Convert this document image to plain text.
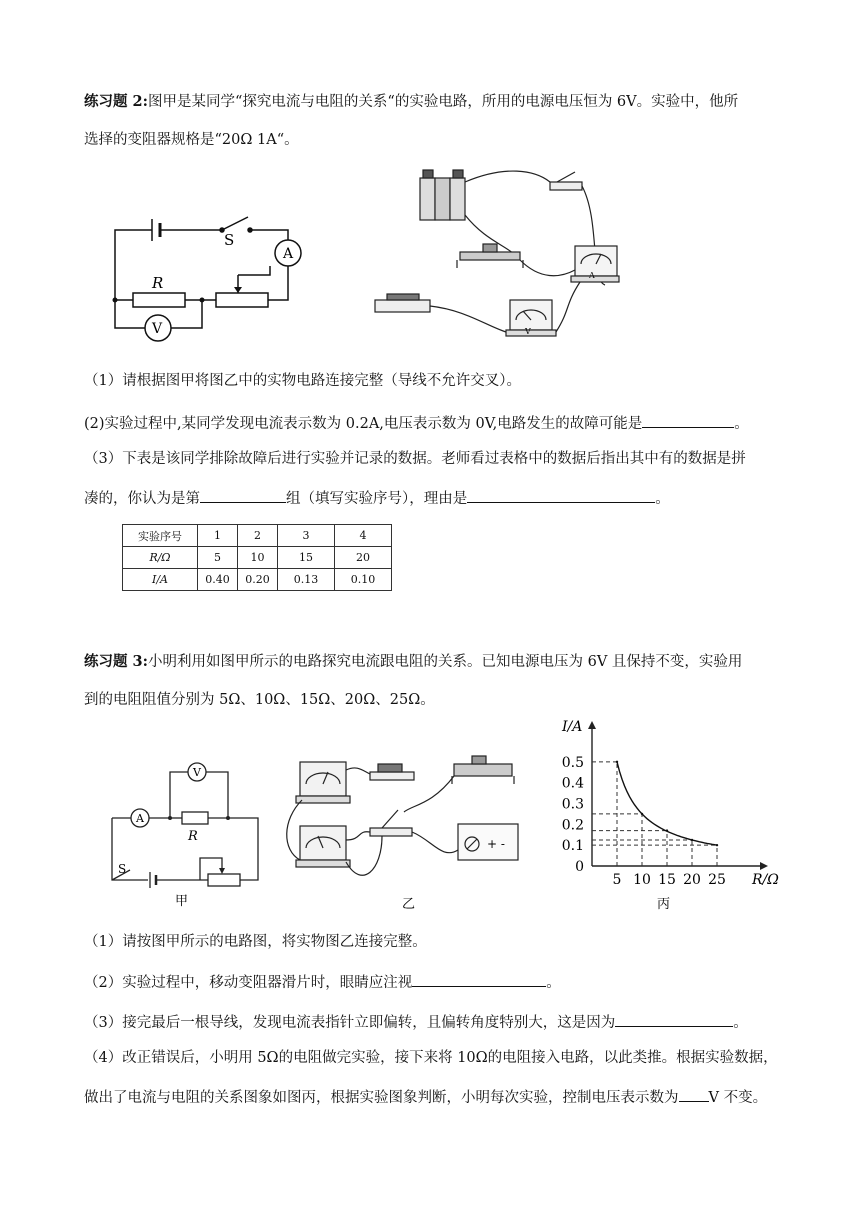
练习题 2:图甲是某同学“探究电流与电阻的关系“的实验电路，所用的电源电压恒为 6V。实验中，他所
选择的变阻器规格是“20Ω 1A“。
S
A
R
V
A
V
（1）请根据图甲将图乙中的实物电路连接完整（导线不允许交叉）。
(2)实验过程中,某同学发现电流表示数为 0.2A,电压表示数为 0V,电路发生的故障可能是	。
（3）下表是该同学排除故障后进行实验并记录的数据。老师看过表格中的数据后指出其中有的数据是拼
凑的，你认为是第	组（填写实验序号），理由是	。
实验序号	1	2	3	4
R/Ω	5	10	15	20
I/A	0.40	0.20	0.13	0.10
练习题 3:小明利用如图甲所示的电路探究电流跟电阻的关系。已知电源电压为 6V 且保持不变，实验用
到的电阻阻值分别为 5Ω、10Ω、15Ω、20Ω、25Ω。
A
V
R
S
甲
+ -
乙
0
0.1
0.2
0.3
0.4
0.5
5 10 15 20 25
I/A
R/Ω
丙
（1）请按图甲所示的电路图，将实物图乙连接完整。
（2）实验过程中，移动变阻器滑片时，眼睛应注视	。
（3）接完最后一根导线，发现电流表指针立即偏转，且偏转角度特别大，这是因为	。
（4）改正错误后，小明用 5Ω的电阻做完实验，接下来将 10Ω的电阻接入电路，以此类推。根据实验数据，
做出了电流与电阻的关系图象如图丙，根据实验图象判断，小明每次实验，控制电压表示数为 V 不变。
